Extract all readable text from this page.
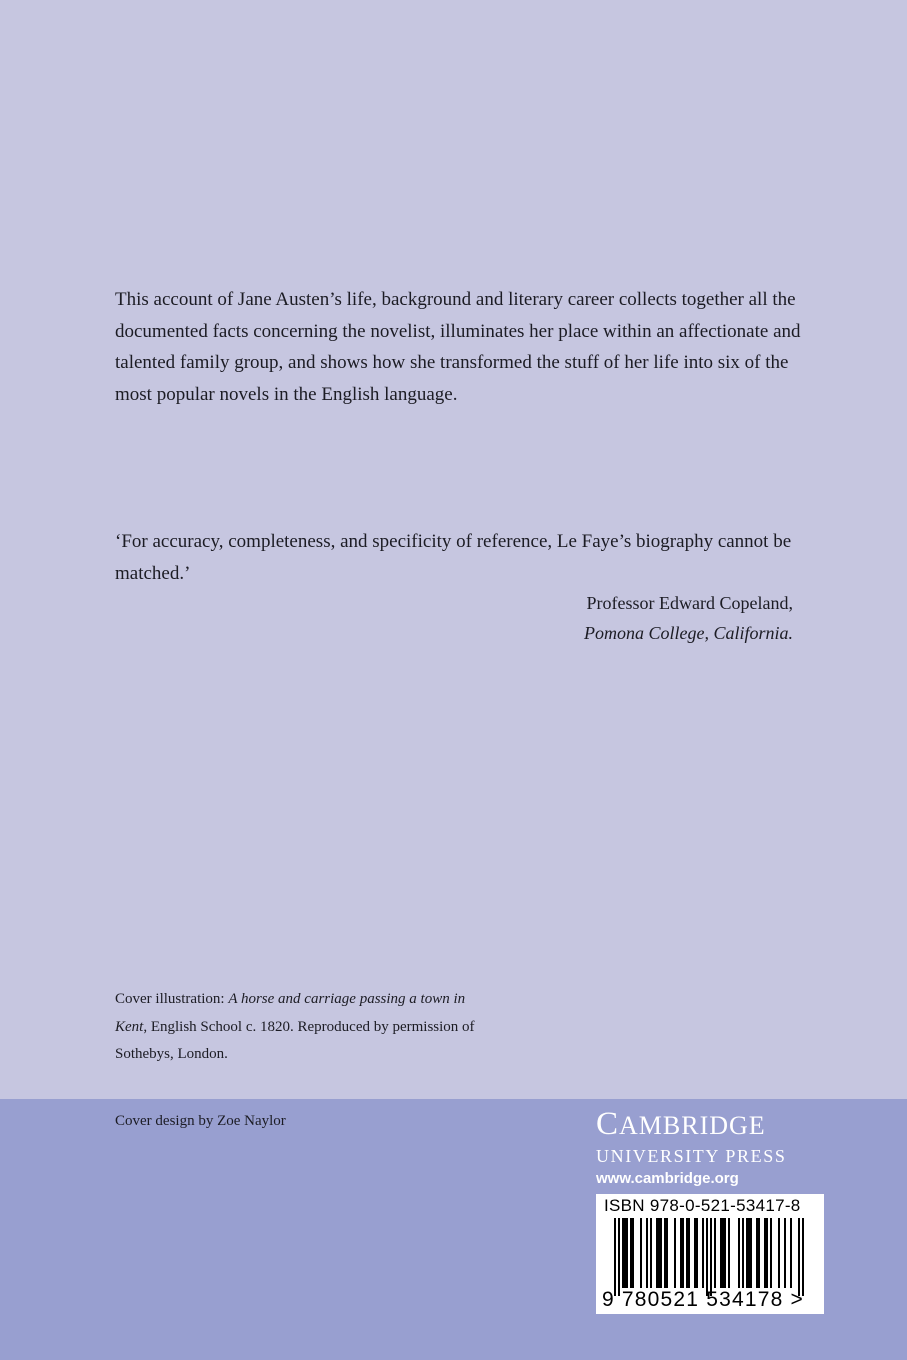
This account of Jane Austen’s life, background and literary career collects together all the documented facts concerning the novelist, illuminates her place within an affectionate and talented family group, and shows how she transformed the stuff of her life into six of the most popular novels in the English language.

‘For accuracy, completeness, and specificity of reference, Le Faye’s biography cannot be matched.’
Professor Edward Copeland,
Pomona College, California.
Cover illustration: A horse and carriage passing a town in Kent, English School c. 1820. Reproduced by permission of Sothebys, London.
Cover design by Zoe Naylor	CAMBRIDGE
UNIVERSITY PRESS
www.cambridge.org
ISBN 978-0-521-53417-8
9 780521 534178 >
